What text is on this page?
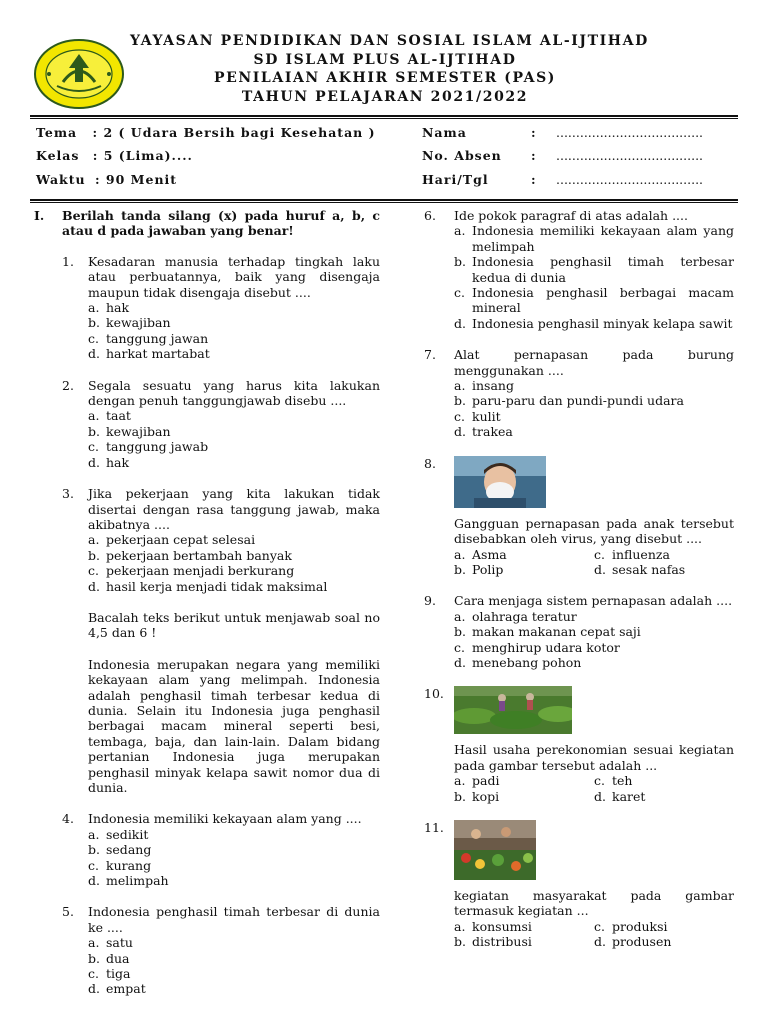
YAYASAN PENDIDIKAN DAN SOSIAL ISLAM AL-IJTIHAD
SD ISLAM PLUS AL-IJTIHAD
PENILAIAN AKHIR SEMESTER (PAS)
TAHUN PELAJARAN 2021/2022
Tema : 2 ( Udara Bersih bagi Kesehatan )
Kelas : 5 (Lima)....
Waktu : 90 Menit
Nama	: .....................................
No. Absen : .....................................
Hari/Tgl	: .....................................
I.	Berilah tanda silang (x) pada huruf a, b, c atau d pada jawaban yang benar!
1.	Kesadaran manusia terhadap tingkah laku atau perbuatannya, baik yang disengaja maupun tidak disengaja disebut ....
a. hak
b. kewajiban
c. tanggung jawan
d. harkat martabat
2.	Segala sesuatu yang harus kita lakukan dengan penuh tanggungjawab disebu ....
a. taat
b. kewajiban
c. tanggung jawab
d. hak
3.	Jika pekerjaan yang kita lakukan tidak disertai dengan rasa tanggung jawab, maka akibatnya ....
a. pekerjaan cepat selesai
b. pekerjaan bertambah banyak
c. pekerjaan menjadi berkurang
d. hasil kerja menjadi tidak maksimal
Bacalah teks berikut untuk menjawab soal no 4,5 dan 6 !
Indonesia merupakan negara yang memiliki kekayaan alam yang melimpah. Indonesia adalah penghasil timah terbesar kedua di dunia. Selain itu Indonesia juga penghasil berbagai macam mineral seperti besi, tembaga, baja, dan lain-lain. Dalam bidang pertanian Indonesia juga merupakan penghasil minyak kelapa sawit nomor dua di dunia.
4.	Indonesia memiliki kekayaan alam yang ....
a. sedikit
b. sedang
c. kurang
d. melimpah
5.	Indonesia penghasil timah terbesar di dunia ke ....
a. satu
b. dua
c. tiga
d. empat
6.	Ide pokok paragraf di atas adalah ....
a. Indonesia memiliki kekayaan alam yang melimpah
b. Indonesia penghasil timah terbesar kedua di dunia
c. Indonesia penghasil berbagai macam mineral
d. Indonesia penghasil minyak kelapa sawit
7.	Alat pernapasan pada burung menggunakan ....
a. insang
b. paru-paru dan pundi-pundi udara
c. kulit
d. trakea
8.
Gangguan pernapasan pada anak tersebut disebabkan oleh virus, yang disebut ....
a. Asma	c. influenza
b. Polip	d. sesak nafas
9.	Cara menjaga sistem pernapasan adalah ....
a. olahraga teratur
b. makan makanan cepat saji
c. menghirup udara kotor
d. menebang pohon
10.
Hasil usaha perekonomian sesuai kegiatan pada gambar tersebut adalah ...
a. padi	c. teh
b. kopi	d. karet
11.
kegiatan masyarakat pada gambar termasuk kegiatan ...
a. konsumsi	c. produksi
b. distribusi	d. produsen
